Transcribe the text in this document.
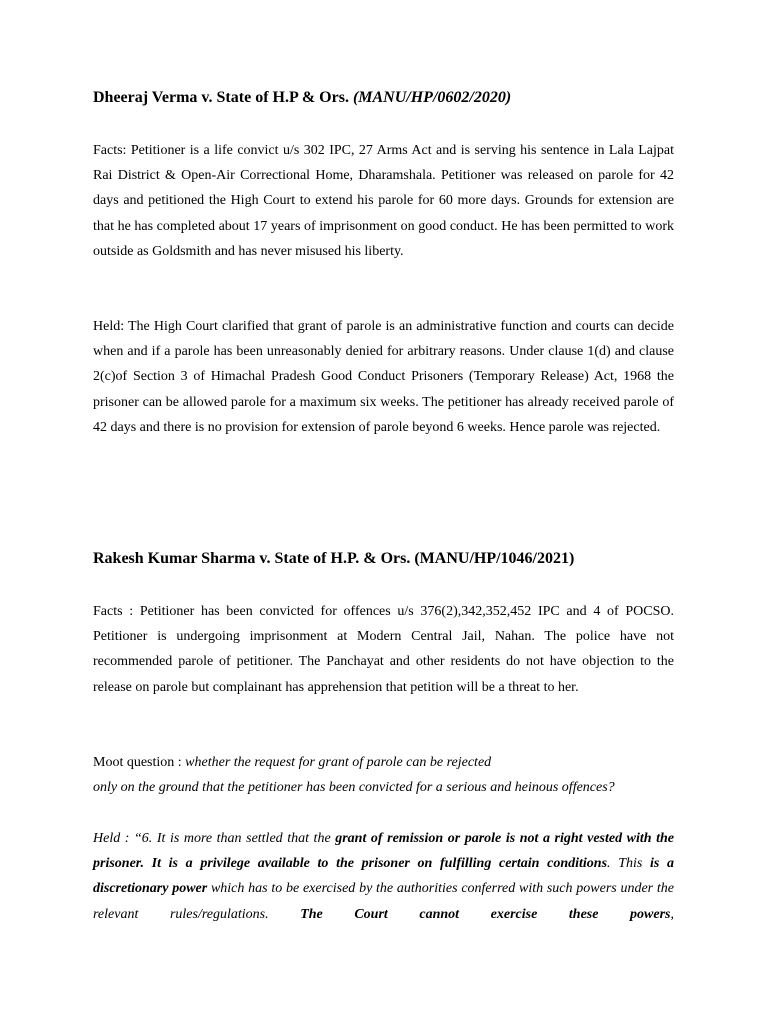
Dheeraj Verma v. State of H.P & Ors. (MANU/HP/0602/2020)

Facts: Petitioner is a life convict u/s 302 IPC, 27 Arms Act and is serving his sentence in Lala Lajpat Rai District & Open-Air Correctional Home, Dharamshala. Petitioner was released on parole for 42 days and petitioned the High Court to extend his parole for 60 more days. Grounds for extension are that he has completed about 17 years of imprisonment on good conduct. He has been permitted to work outside as Goldsmith and has never misused his liberty.

Held: The High Court clarified that grant of parole is an administrative function and courts can decide when and if a parole has been unreasonably denied for arbitrary reasons. Under clause 1(d) and clause 2(c)of Section 3 of Himachal Pradesh Good Conduct Prisoners (Temporary Release) Act, 1968 the prisoner can be allowed parole for a maximum six weeks. The petitioner has already received parole of 42 days and there is no provision for extension of parole beyond 6 weeks. Hence parole was rejected.

Rakesh Kumar Sharma v. State of H.P. & Ors. (MANU/HP/1046/2021)

Facts : Petitioner has been convicted for offences u/s 376(2),342,352,452 IPC and 4 of POCSO. Petitioner is undergoing imprisonment at Modern Central Jail, Nahan. The police have not recommended parole of petitioner. The Panchayat and other residents do not have objection to the release on parole but complainant has apprehension that petition will be a threat to her.

Moot question : whether the request for grant of parole can be rejected
only on the ground that the petitioner has been convicted for a serious and heinous offences?

Held : “6. It is more than settled that the grant of remission or parole is not a right vested with the prisoner. It is a privilege available to the prisoner on fulfilling certain conditions. This is a discretionary power which has to be exercised by the authorities conferred with such powers under the relevant rules/regulations. The Court cannot exercise these powers,
